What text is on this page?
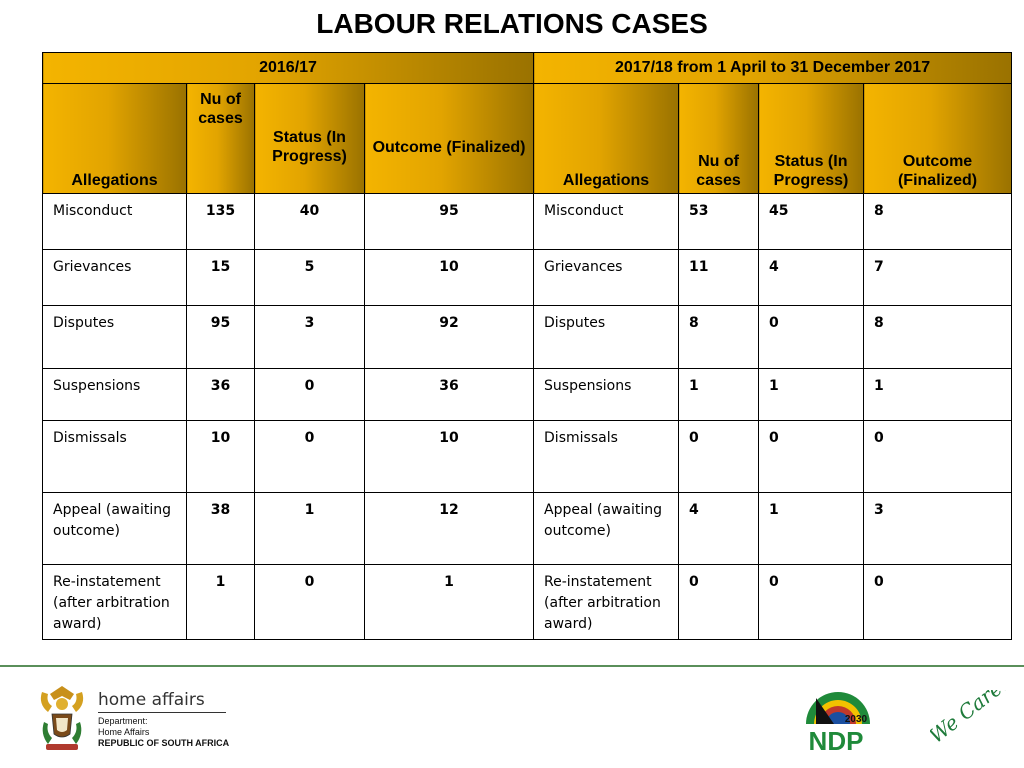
LABOUR RELATIONS CASES
2016/17				2017/18 from 1 April to 31 December 2017			
Allegations	Nu of cases	Status (In Progress)	Outcome (Finalized)	Allegations	Nu of cases	Status (In Progress)	Outcome (Finalized)
Misconduct	135	40	95	Misconduct	53	45	8
Grievances	15	5	10	Grievances	11	4	7
Disputes	95	3	92	Disputes	8	0	8
Suspensions	36	0	36	Suspensions	1	1	1
Dismissals	10	0	10	Dismissals	0	0	0
Appeal (awaiting outcome)	38	1	12	Appeal (awaiting outcome)	4	1	3
Re-instatement (after arbitration award)	1	0	1	Re-instatement (after arbitration award)	0	0	0
home affairs
Department:
Home Affairs
REPUBLIC OF SOUTH AFRICA
2030
NDP	We Care!
